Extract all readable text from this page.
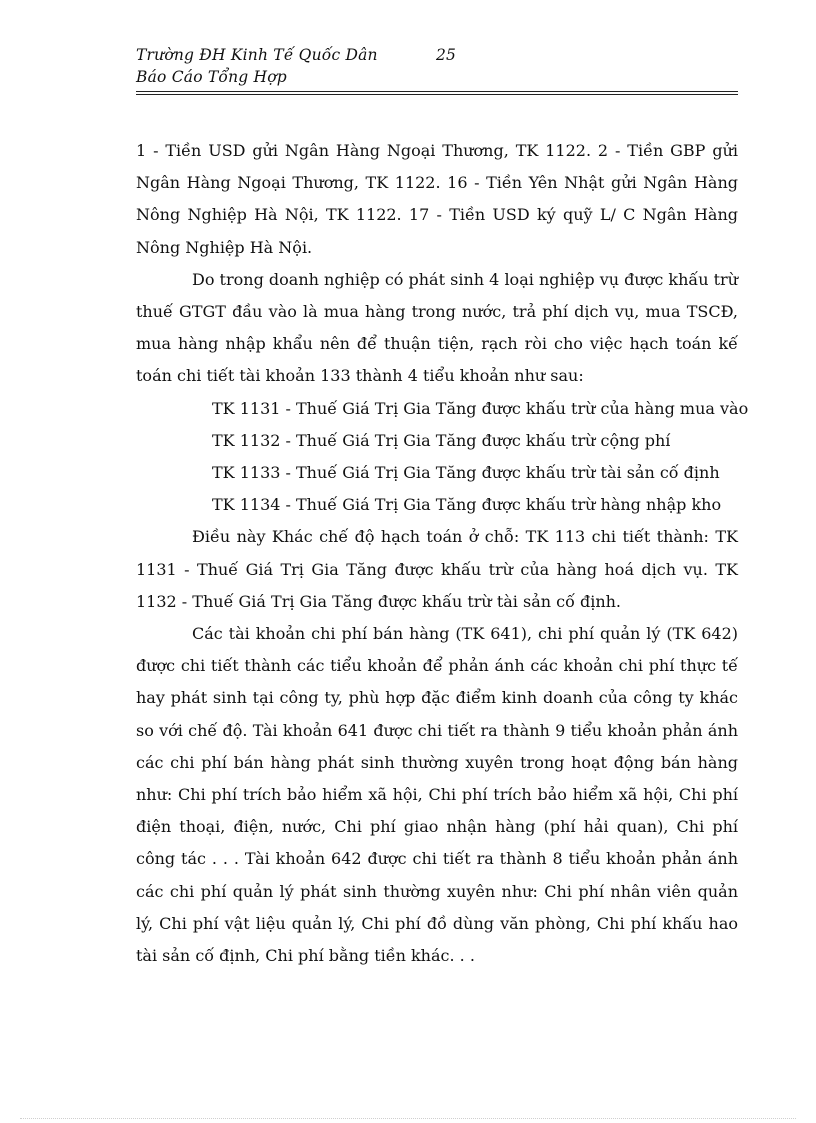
Trường ĐH Kinh Tế Quốc Dân	25
Báo Cáo Tổng Hợp

1 - Tiền USD gửi Ngân Hàng Ngoại Thương, TK 1122. 2 - Tiền GBP gửi Ngân Hàng Ngoại Thương, TK 1122. 16 - Tiền Yên Nhật gửi Ngân Hàng Nông Nghiệp Hà Nội, TK 1122. 17 - Tiền USD ký quỹ L/ C Ngân Hàng Nông Nghiệp Hà Nội.

Do trong doanh nghiệp có phát sinh 4 loại nghiệp vụ được khấu trừ thuế GTGT đầu vào là mua hàng trong nước, trả phí dịch vụ, mua TSCĐ, mua hàng nhập khẩu nên để thuận tiện, rạch ròi cho việc hạch toán kế toán chi tiết tài khoản 133 thành 4 tiểu khoản như sau:

TK 1131 - Thuế Giá Trị Gia Tăng được khấu trừ của hàng mua vào

TK 1132 - Thuế Giá Trị Gia Tăng được khấu trừ cộng phí

TK 1133 - Thuế Giá Trị Gia Tăng được khấu trừ tài sản cố định

TK 1134 - Thuế Giá Trị Gia Tăng được khấu trừ hàng nhập kho

Điều này Khác chế độ hạch toán ở chỗ: TK 113 chi tiết thành: TK 1131 - Thuế Giá Trị Gia Tăng được khấu trừ của hàng hoá dịch vụ. TK 1132 - Thuế Giá Trị Gia Tăng được khấu trừ tài sản cố định.

Các tài khoản chi phí bán hàng (TK 641), chi phí quản lý (TK 642) được chi tiết thành các tiểu khoản để phản ánh các khoản chi phí thực tế hay phát sinh tại công ty, phù hợp đặc điểm kinh doanh của công ty khác so với chế độ. Tài khoản 641 được chi tiết ra thành 9 tiểu khoản phản ánh các chi phí bán hàng phát sinh thường xuyên trong hoạt động bán hàng như: Chi phí trích bảo hiểm xã hội, Chi phí trích bảo hiểm xã hội, Chi phí điện thoại, điện, nước, Chi phí giao nhận hàng (phí hải quan), Chi phí công tác . . . Tài khoản 642 được chi tiết ra thành 8 tiểu khoản phản ánh các chi phí quản lý phát sinh thường xuyên như: Chi phí nhân viên quản lý, Chi phí vật liệu quản lý, Chi phí đồ dùng văn phòng, Chi phí khấu hao tài sản cố định, Chi phí bằng tiền khác. . .
